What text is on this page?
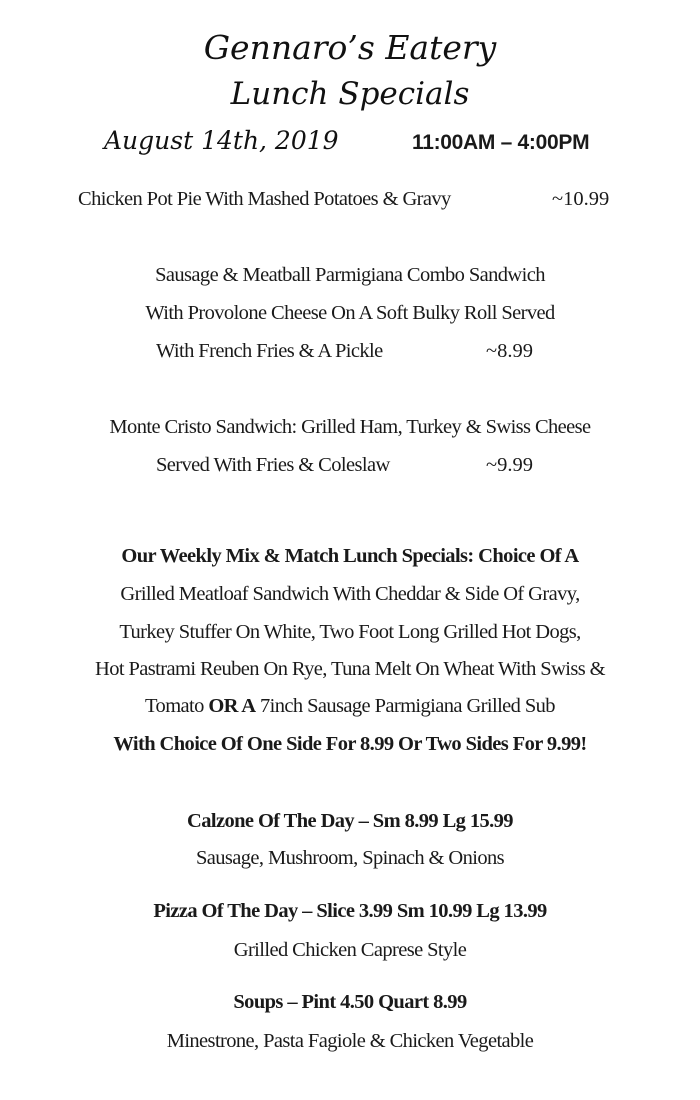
Gennaro’s Eatery
Lunch Specials
August 14th, 2019	11:00AM – 4:00PM
Chicken Pot Pie With Mashed Potatoes & Gravy	~10.99
Sausage & Meatball Parmigiana Combo Sandwich
With Provolone Cheese On A Soft Bulky Roll Served
With French Fries & A Pickle	~8.99
Monte Cristo Sandwich: Grilled Ham, Turkey & Swiss Cheese
Served With Fries & Coleslaw	~9.99
Our Weekly Mix & Match Lunch Specials: Choice Of A
Grilled Meatloaf Sandwich With Cheddar & Side Of Gravy,
Turkey Stuffer On White, Two Foot Long Grilled Hot Dogs,
Hot Pastrami Reuben On Rye, Tuna Melt On Wheat With Swiss &
Tomato OR A 7inch Sausage Parmigiana Grilled Sub
With Choice Of One Side For 8.99 Or Two Sides For 9.99!
Calzone Of The Day – Sm 8.99 Lg 15.99
Sausage, Mushroom, Spinach & Onions
Pizza Of The Day – Slice 3.99 Sm 10.99 Lg 13.99
Grilled Chicken Caprese Style
Soups – Pint 4.50 Quart 8.99
Minestrone, Pasta Fagiole & Chicken Vegetable
